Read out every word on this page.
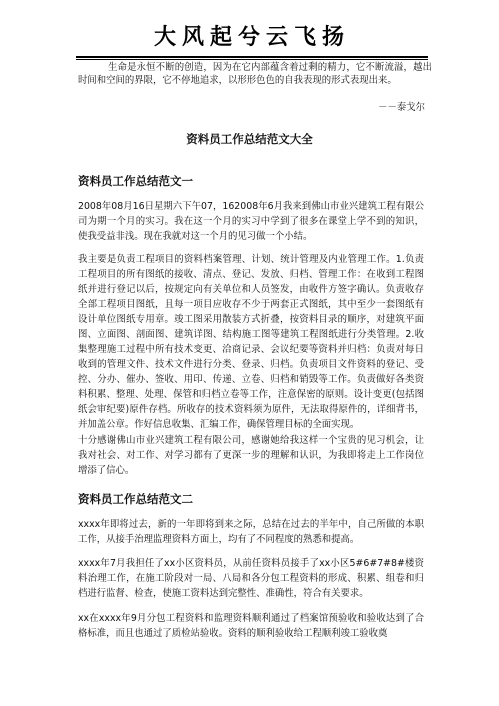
大风起兮云飞扬
生命是永恒不断的创造，因为在它内部蕴含着过剩的精力，它不断流溢，越出时间和空间的界限，它不停地追求，以形形色色的自我表现的形式表现出来。
－－泰戈尔
资料员工作总结范文大全
资料员工作总结范文一
2008年08月16日星期六下午07，162008年6月我来到佛山市业兴建筑工程有限公司为期一个月的实习。我在这一个月的实习中学到了很多在课堂上学不到的知识，使我受益非浅。现在我就对这一个月的见习做一个小结。
我主要是负责工程项目的资料档案管理、计划、统计管理及内业管理工作。1.负责工程项目的所有图纸的接收、清点、登记、发放、归档、管理工作：在收到工程图纸并进行登记以后，按规定向有关单位和人员签发，由收件方签字确认。负责收存全部工程项目图纸，且每一项目应收存不少于两套正式图纸，其中至少一套图纸有设计单位图纸专用章。竣工图采用散装方式折叠，按资料目录的顺序，对建筑平面图、立面图、剖面图、建筑详图、结构施工图等建筑工程图纸进行分类管理。2.收集整理施工过程中所有技术变更、洽商记录、会议纪要等资料并归档：负责对每日收到的管理文件、技术文件进行分类、登录、归档。负责项目文件资料的登记、受控、分办、催办、签收、用印、传递、立卷、归档和销毁等工作。负责做好各类资料积累、整理、处理、保管和归档立卷等工作，注意保密的原则。设计变更(包括图纸会审纪要)原件存档。所收存的技术资料须为原件，无法取得原件的，详细背书，并加盖公章。作好信息收集、汇编工作，确保管理目标的全面实现。
十分感谢佛山市业兴建筑工程有限公司，感谢她给我这样一个宝贵的见习机会，让我对社会、对工作、对学习都有了更深一步的理解和认识，为我即将走上工作岗位增添了信心。
资料员工作总结范文二
xxxx年即将过去，新的一年即将到来之际，总结在过去的半年中，自己所做的本职工作，从接手治理监理资料方面上，均有了不同程度的熟悉和提高。
xxxx年7月我担任了xx小区资料员，从前任资料员接手了xx小区5#6#7#8#楼资料治理工作，在施工阶段对一局、八局和各分包工程资料的形成、积累、组卷和归档进行监督、检查，使施工资料达到完整性、准确性，符合有关要求。
xx在xxxx年9月分包工程资料和监理资料顺利通过了档案馆预验收和验收达到了合格标准，而且也通过了质检站验收。资料的顺利验收给工程顺利竣工验收奠
